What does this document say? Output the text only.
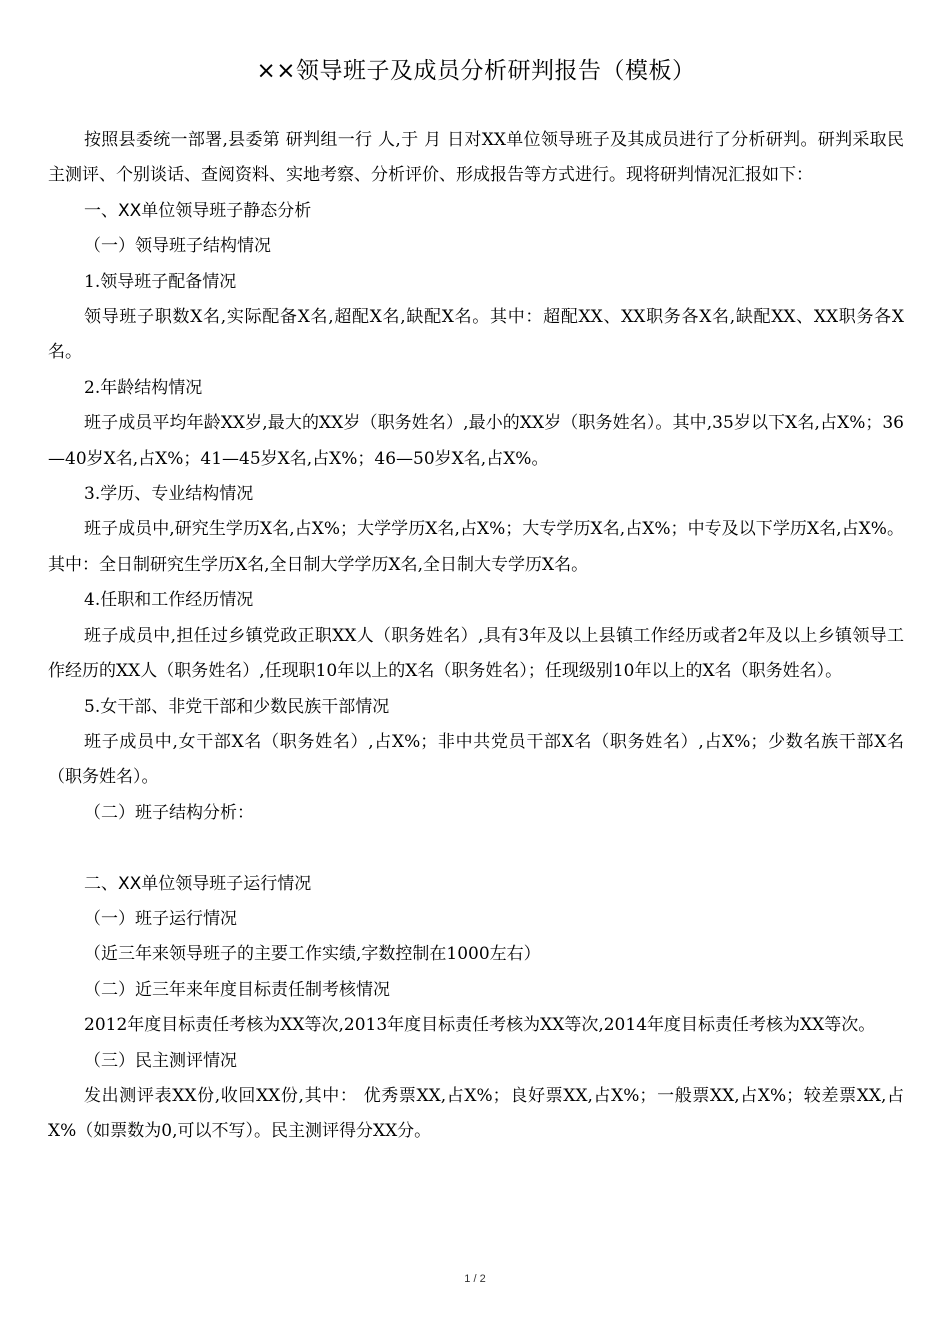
××领导班子及成员分析研判报告（模板）

按照县委统一部署,县委第 研判组一行 人,于 月 日对XX单位领导班子及其成员进行了分析研判。研判采取民主测评、个别谈话、查阅资料、实地考察、分析评价、形成报告等方式进行。现将研判情况汇报如下：

一、XX单位领导班子静态分析

（一）领导班子结构情况

1.领导班子配备情况

领导班子职数X名,实际配备X名,超配X名,缺配X名。其中：超配XX、XX职务各X名,缺配XX、XX职务各X名。

2.年龄结构情况

班子成员平均年龄XX岁,最大的XX岁（职务姓名）,最小的XX岁（职务姓名）。其中,35岁以下X名,占X%；36—40岁X名,占X%；41—45岁X名,占X%；46—50岁X名,占X%。

3.学历、专业结构情况

班子成员中,研究生学历X名,占X%；大学学历X名,占X%；大专学历X名,占X%；中专及以下学历X名,占X%。其中：全日制研究生学历X名,全日制大学学历X名,全日制大专学历X名。

4.任职和工作经历情况

班子成员中,担任过乡镇党政正职XX人（职务姓名）,具有3年及以上县镇工作经历或者2年及以上乡镇领导工作经历的XX人（职务姓名）,任现职10年以上的X名（职务姓名）；任现级别10年以上的X名（职务姓名）。

5.女干部、非党干部和少数民族干部情况

班子成员中,女干部X名（职务姓名）,占X%；非中共党员干部X名（职务姓名）,占X%；少数名族干部X名（职务姓名）。

（二）班子结构分析：

二、XX单位领导班子运行情况

（一）班子运行情况

（近三年来领导班子的主要工作实绩,字数控制在1000左右）

（二）近三年来年度目标责任制考核情况

2012年度目标责任考核为XX等次,2013年度目标责任考核为XX等次,2014年度目标责任考核为XX等次。

（三）民主测评情况

发出测评表XX份,收回XX份,其中： 优秀票XX,占X%；良好票XX,占X%；一般票XX,占X%；较差票XX,占X%（如票数为0,可以不写）。民主测评得分XX分。

1 / 2
